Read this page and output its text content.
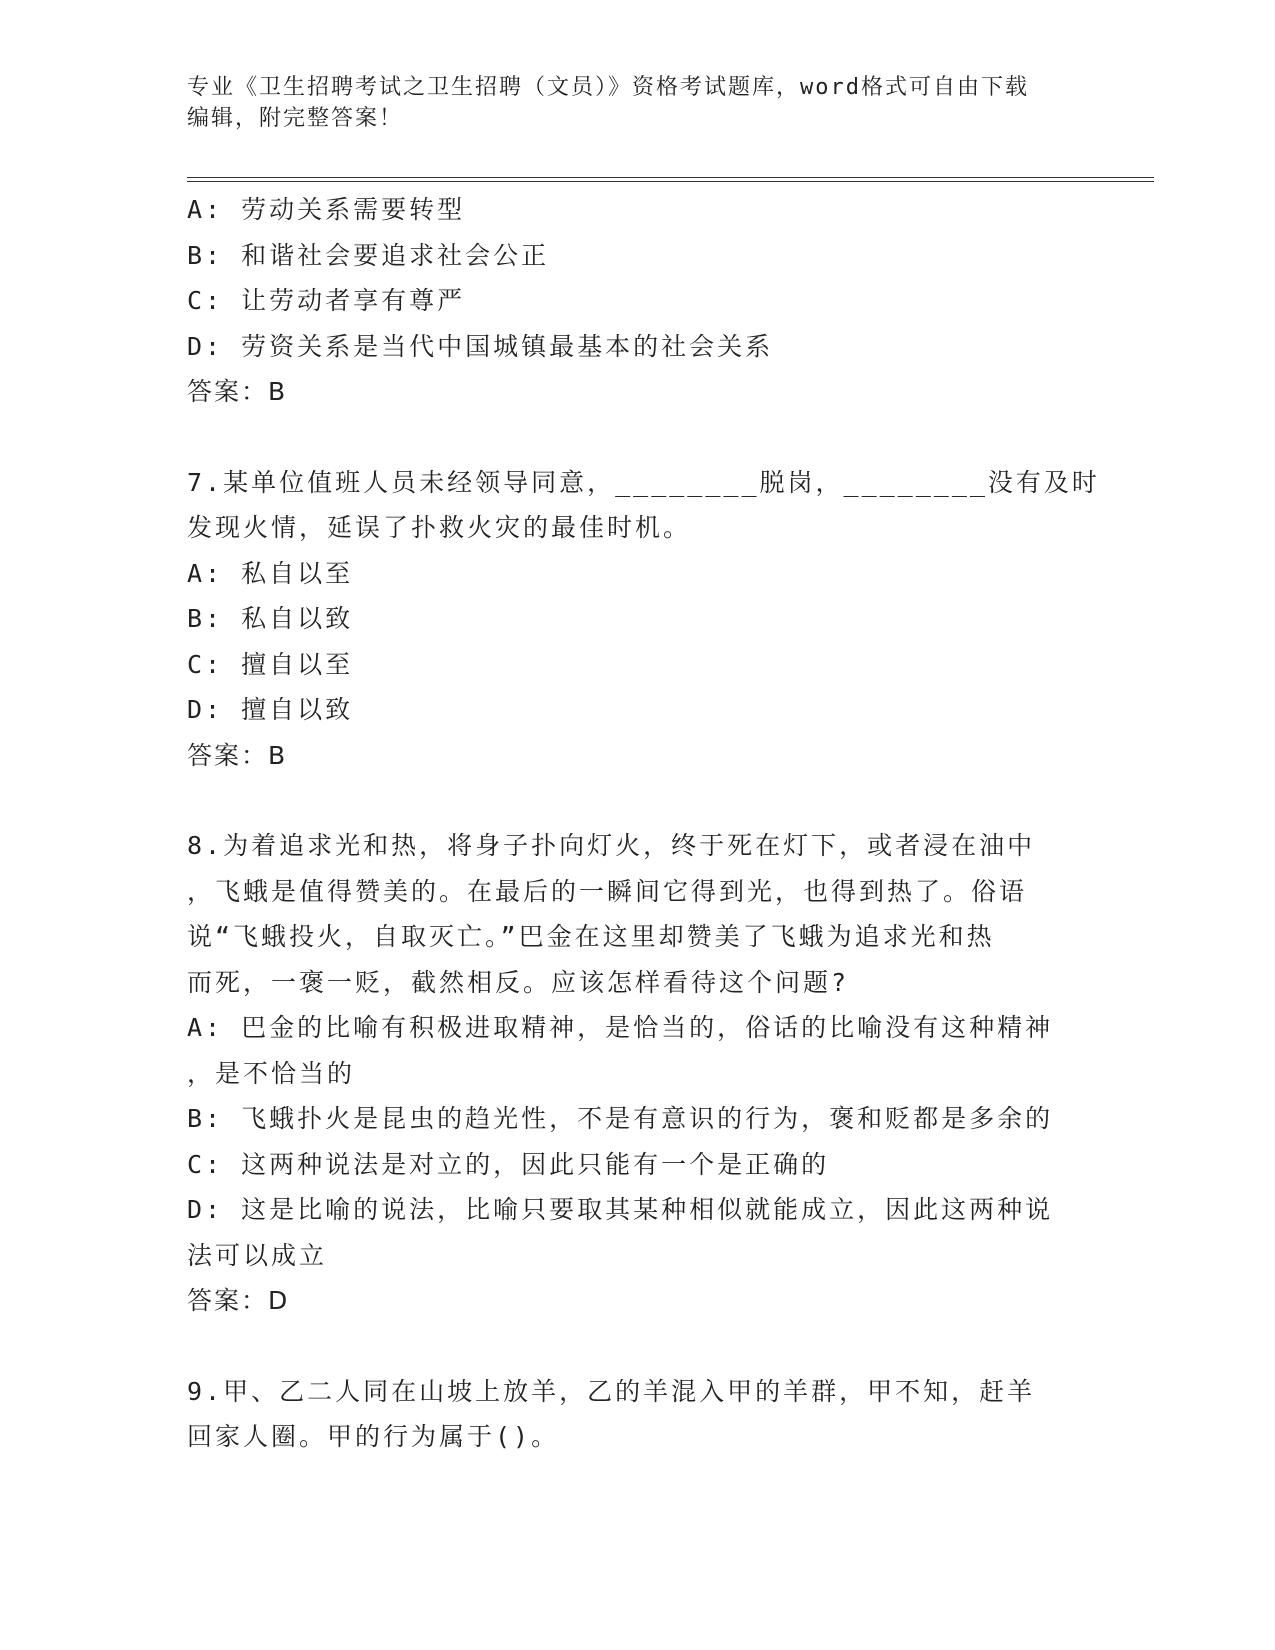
专业《卫生招聘考试之卫生招聘（文员）》资格考试题库，word格式可自由下载
编辑，附完整答案！
A: 劳动关系需要转型
B: 和谐社会要追求社会公正
C: 让劳动者享有尊严
D: 劳资关系是当代中国城镇最基本的社会关系
答案：B
7.某单位值班人员未经领导同意，________脱岗，________没有及时
发现火情，延误了扑救火灾的最佳时机。
A: 私自以至
B: 私自以致
C: 擅自以至
D: 擅自以致
答案：B
8.为着追求光和热，将身子扑向灯火，终于死在灯下，或者浸在油中
，飞蛾是值得赞美的。在最后的一瞬间它得到光，也得到热了。俗语
说“飞蛾投火，自取灭亡。”巴金在这里却赞美了飞蛾为追求光和热
而死，一褒一贬，截然相反。应该怎样看待这个问题?
A: 巴金的比喻有积极进取精神，是恰当的，俗话的比喻没有这种精神
，是不恰当的
B: 飞蛾扑火是昆虫的趋光性，不是有意识的行为，褒和贬都是多余的
C: 这两种说法是对立的，因此只能有一个是正确的
D: 这是比喻的说法，比喻只要取其某种相似就能成立，因此这两种说
法可以成立
答案：D
9.甲、乙二人同在山坡上放羊，乙的羊混入甲的羊群，甲不知，赶羊
回家人圈。甲的行为属于()。
